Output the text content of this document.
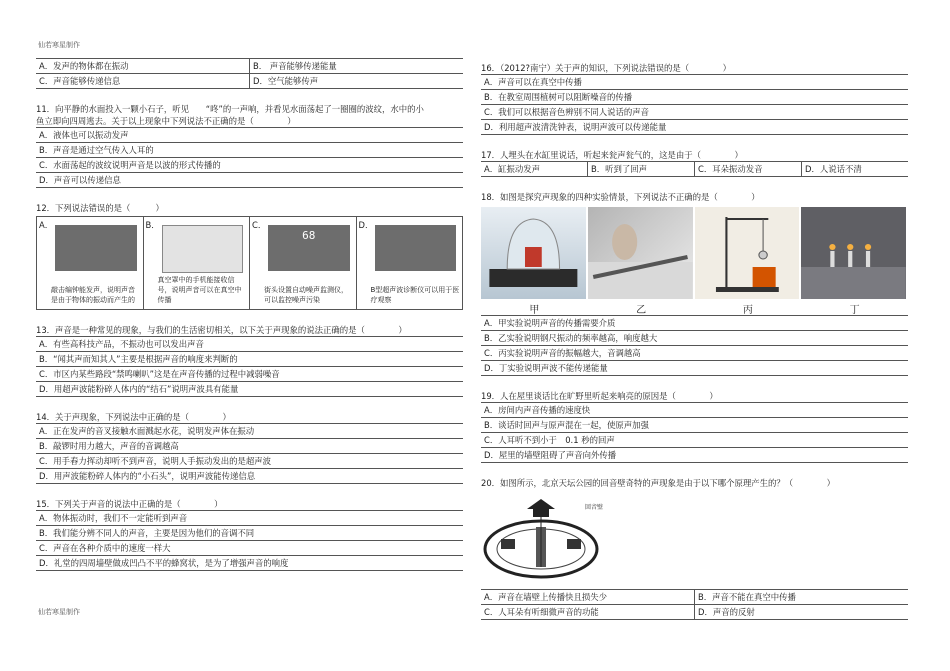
仙若寒星制作
仙若寒星制作
A．发声的物体都在振动	B． 声音能够传递能量
C．声音能够传递信息	D．空气能够传声

11．向平静的水面投入一颗小石子，听见　　“咚”的一声响，并看见水面荡起了一圈圈的波纹，水中的小

鱼立即向四周逃去。关于以上现象中下列说法不正确的是（　　　　）

A．液体也可以振动发声
B．声音是通过空气传入人耳的
C．水面荡起的波纹说明声音是以波的形式传播的
D．声音可以传递信息

12．下列说法错误的是（　　　）

A．
敲击编钟能发声，说明声音是由于物体的振动而产生的
B．
真空罩中的手机能接收信号，说明声音可以在真空中传播
C．
68
街头设置自动噪声监测仪，可以监控噪声污染
D．
B型超声波诊断仪可以用于医疗观察

13．声音是一种常见的现象，与我们的生活密切相关，以下关于声现象的说法正确的是（　　　　）

A．有些高科技产品，不振动也可以发出声音
B．“闻其声而知其人”主要是根据声音的响度来判断的
C．市区内某些路段“禁鸣喇叭”这是在声音传播的过程中减弱噪音
D．用超声波能粉碎人体内的“结石”说明声波具有能量

14．关于声现象，下列说法中正确的是（　　　　）

A．正在发声的音叉接触水面溅起水花，说明发声体在振动
B．敲锣时用力越大，声音的音调越高
C．用手舂力挥动却听不到声音，说明人手振动发出的是超声波
D．用声波能粉碎人体内的“小石头”，说明声波能传递信息

15．下列关于声音的说法中正确的是（　　　　）

A．物体振动时，我们不一定能听到声音
B．我们能分辨不同人的声音，主要是因为他们的音调不同
C．声音在各种介质中的速度一样大
D．礼堂的四周墙壁做成凹凸不平的蜂窝状，是为了增强声音的响度

16．（2012?南宁）关于声的知识，下列说法错误的是（　　　　）

A．声音可以在真空中传播
B．在教室周围植树可以阻断噪音的传播
C．我们可以根据音色辨别不同人说话的声音
D．利用超声波清洗钟表，说明声波可以传递能量

17．人埋头在水缸里说话，听起来瓮声瓮气的，这是由于（　　　　）

A．缸振动发声	B．听到了回声	C．耳朵振动发音	D．人说话不清

18．如图是探究声现象的四种实验情景，下列说法不正确的是（　　　　）

甲	乙	丙	丁
A．甲实验说明声音的传播需要介质
B．乙实验说明钢尺振动的频率越高，响度越大
C．丙实验说明声音的振幅越大，音调越高
D．丁实验说明声波不能传递能量

19．人在屋里谈话比在旷野里听起来响亮的原因是（　　　　）

A．房间内声音传播的速度快
B．谈话时回声与原声混在一起，使原声加强
C．人耳听不到小于　0.1 秒的回声
D．屋里的墙壁阻碍了声音向外传播

20．如图所示，北京天坛公园的回音壁奇特的声现象是由于以下哪个原理产生的？（　　　　）

回音壁
A．声音在墙壁上传播快且损失少	B．声音不能在真空中传播
C．人耳朵有听细微声音的功能	D．声音的反射
